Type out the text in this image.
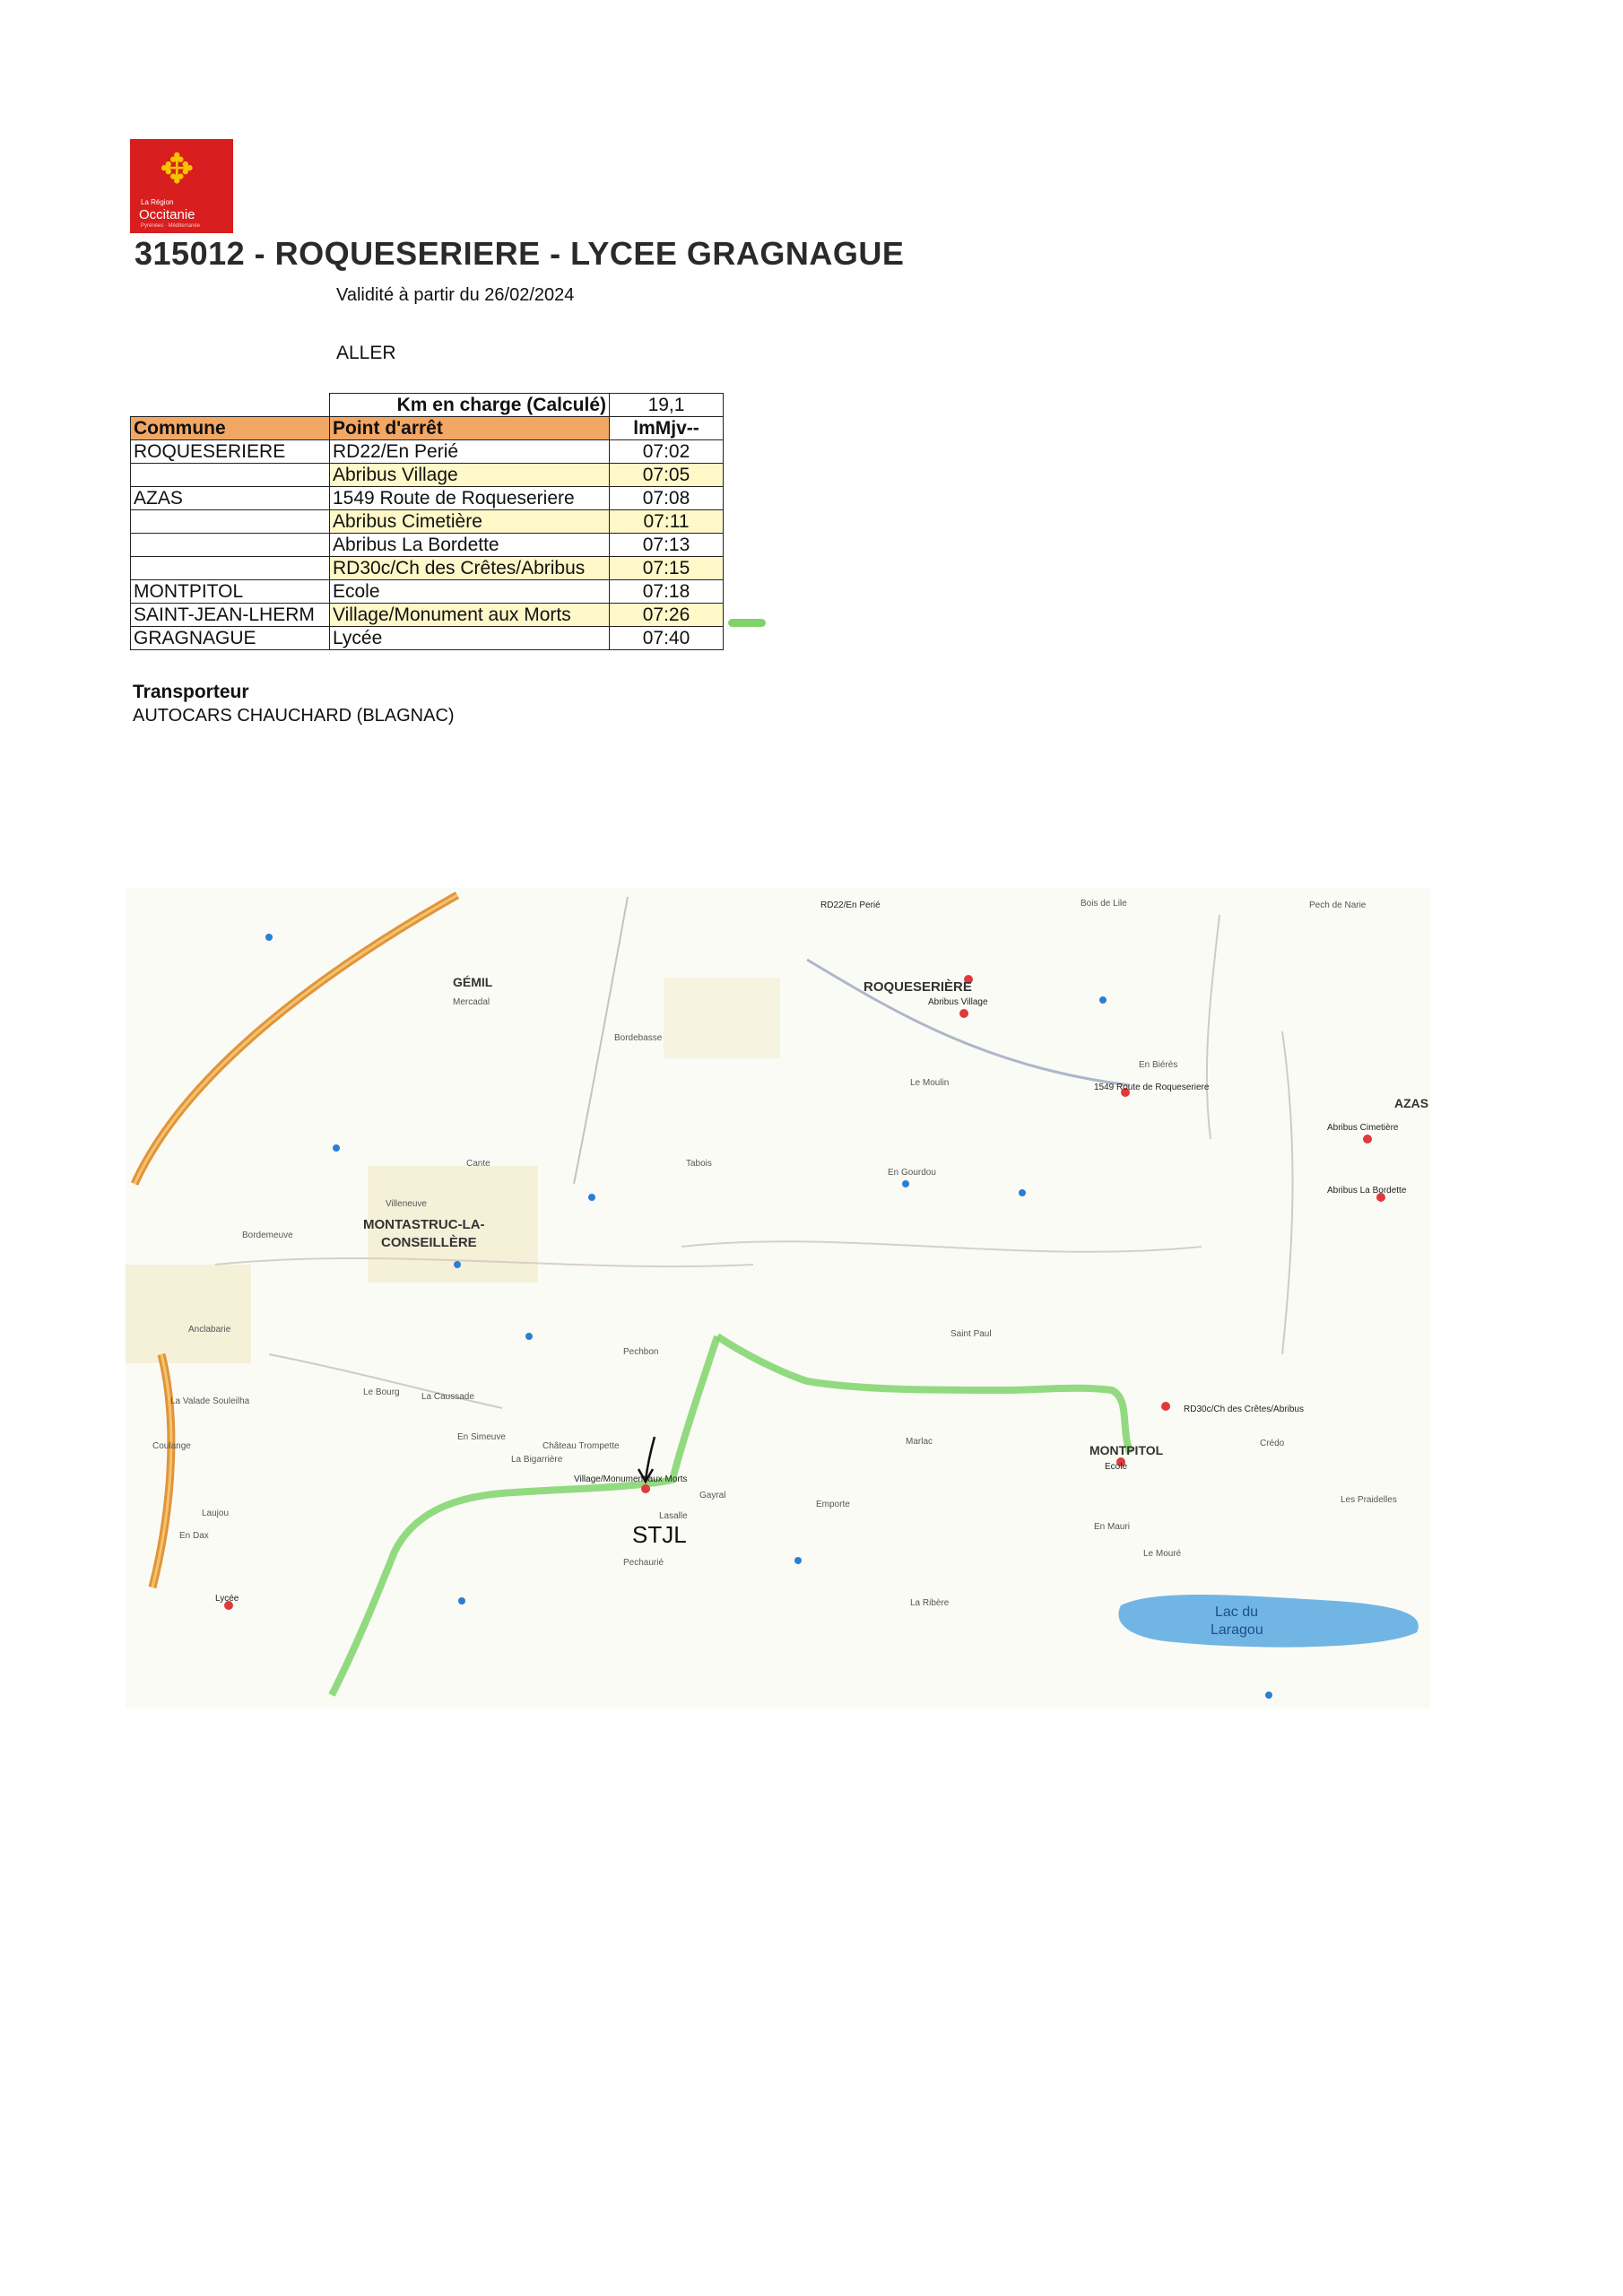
✥
La Région
Occitanie
Pyrénées · Méditerranée
315012 - ROQUESERIERE - LYCEE GRAGNAGUE
Validité à partir du 26/02/2024
ALLER
	Km en charge (Calculé)	19,1
Commune	Point d'arrêt	lmMjv--
ROQUESERIERE	RD22/En Perié	07:02
	Abribus Village	07:05
AZAS	1549 Route de Roqueseriere	07:08
	Abribus Cimetière	07:11
	Abribus La Bordette	07:13
	RD30c/Ch des Crêtes/Abribus	07:15
MONTPITOL	Ecole	07:18
SAINT-JEAN-LHERM	Village/Monument aux Morts	07:26
GRAGNAGUE	Lycée	07:40
Transporteur
AUTOCARS CHAUCHARD (BLAGNAC)
GÉMIL
MONTASTRUC-LA-
CONSEILLÈRE
ROQUESERIÈRE
AZAS
MONTPITOL
Lac du
Laragou
RD22/En Perié
Abribus Village
1549 Route de Roqueseriere
Abribus Cimetière
Abribus La Bordette
RD30c/Ch des Crêtes/Abribus
Ecole
Village/Monument aux Morts
Lycée
Mercadal
Villeneuve
Bordebasse
Tabois
Cante
En Gourdou
Saint Paul
Pechbon
Gayral
Lasalle
Pechaurié
Emporte
La Bigarrière
Marlac
La Caussade
Laujou
En Dax
Coulange
La Valade Souleilha
Bordemeuve
Anclabarie
Le Bourg
En Simeuve
Château Trompette
La Ribère
En Mauri
Le Mouré
Les Praidelles
Crédo
Pech de Narie
Bois de Lile
En Biérès
Le Moulin
STJL
